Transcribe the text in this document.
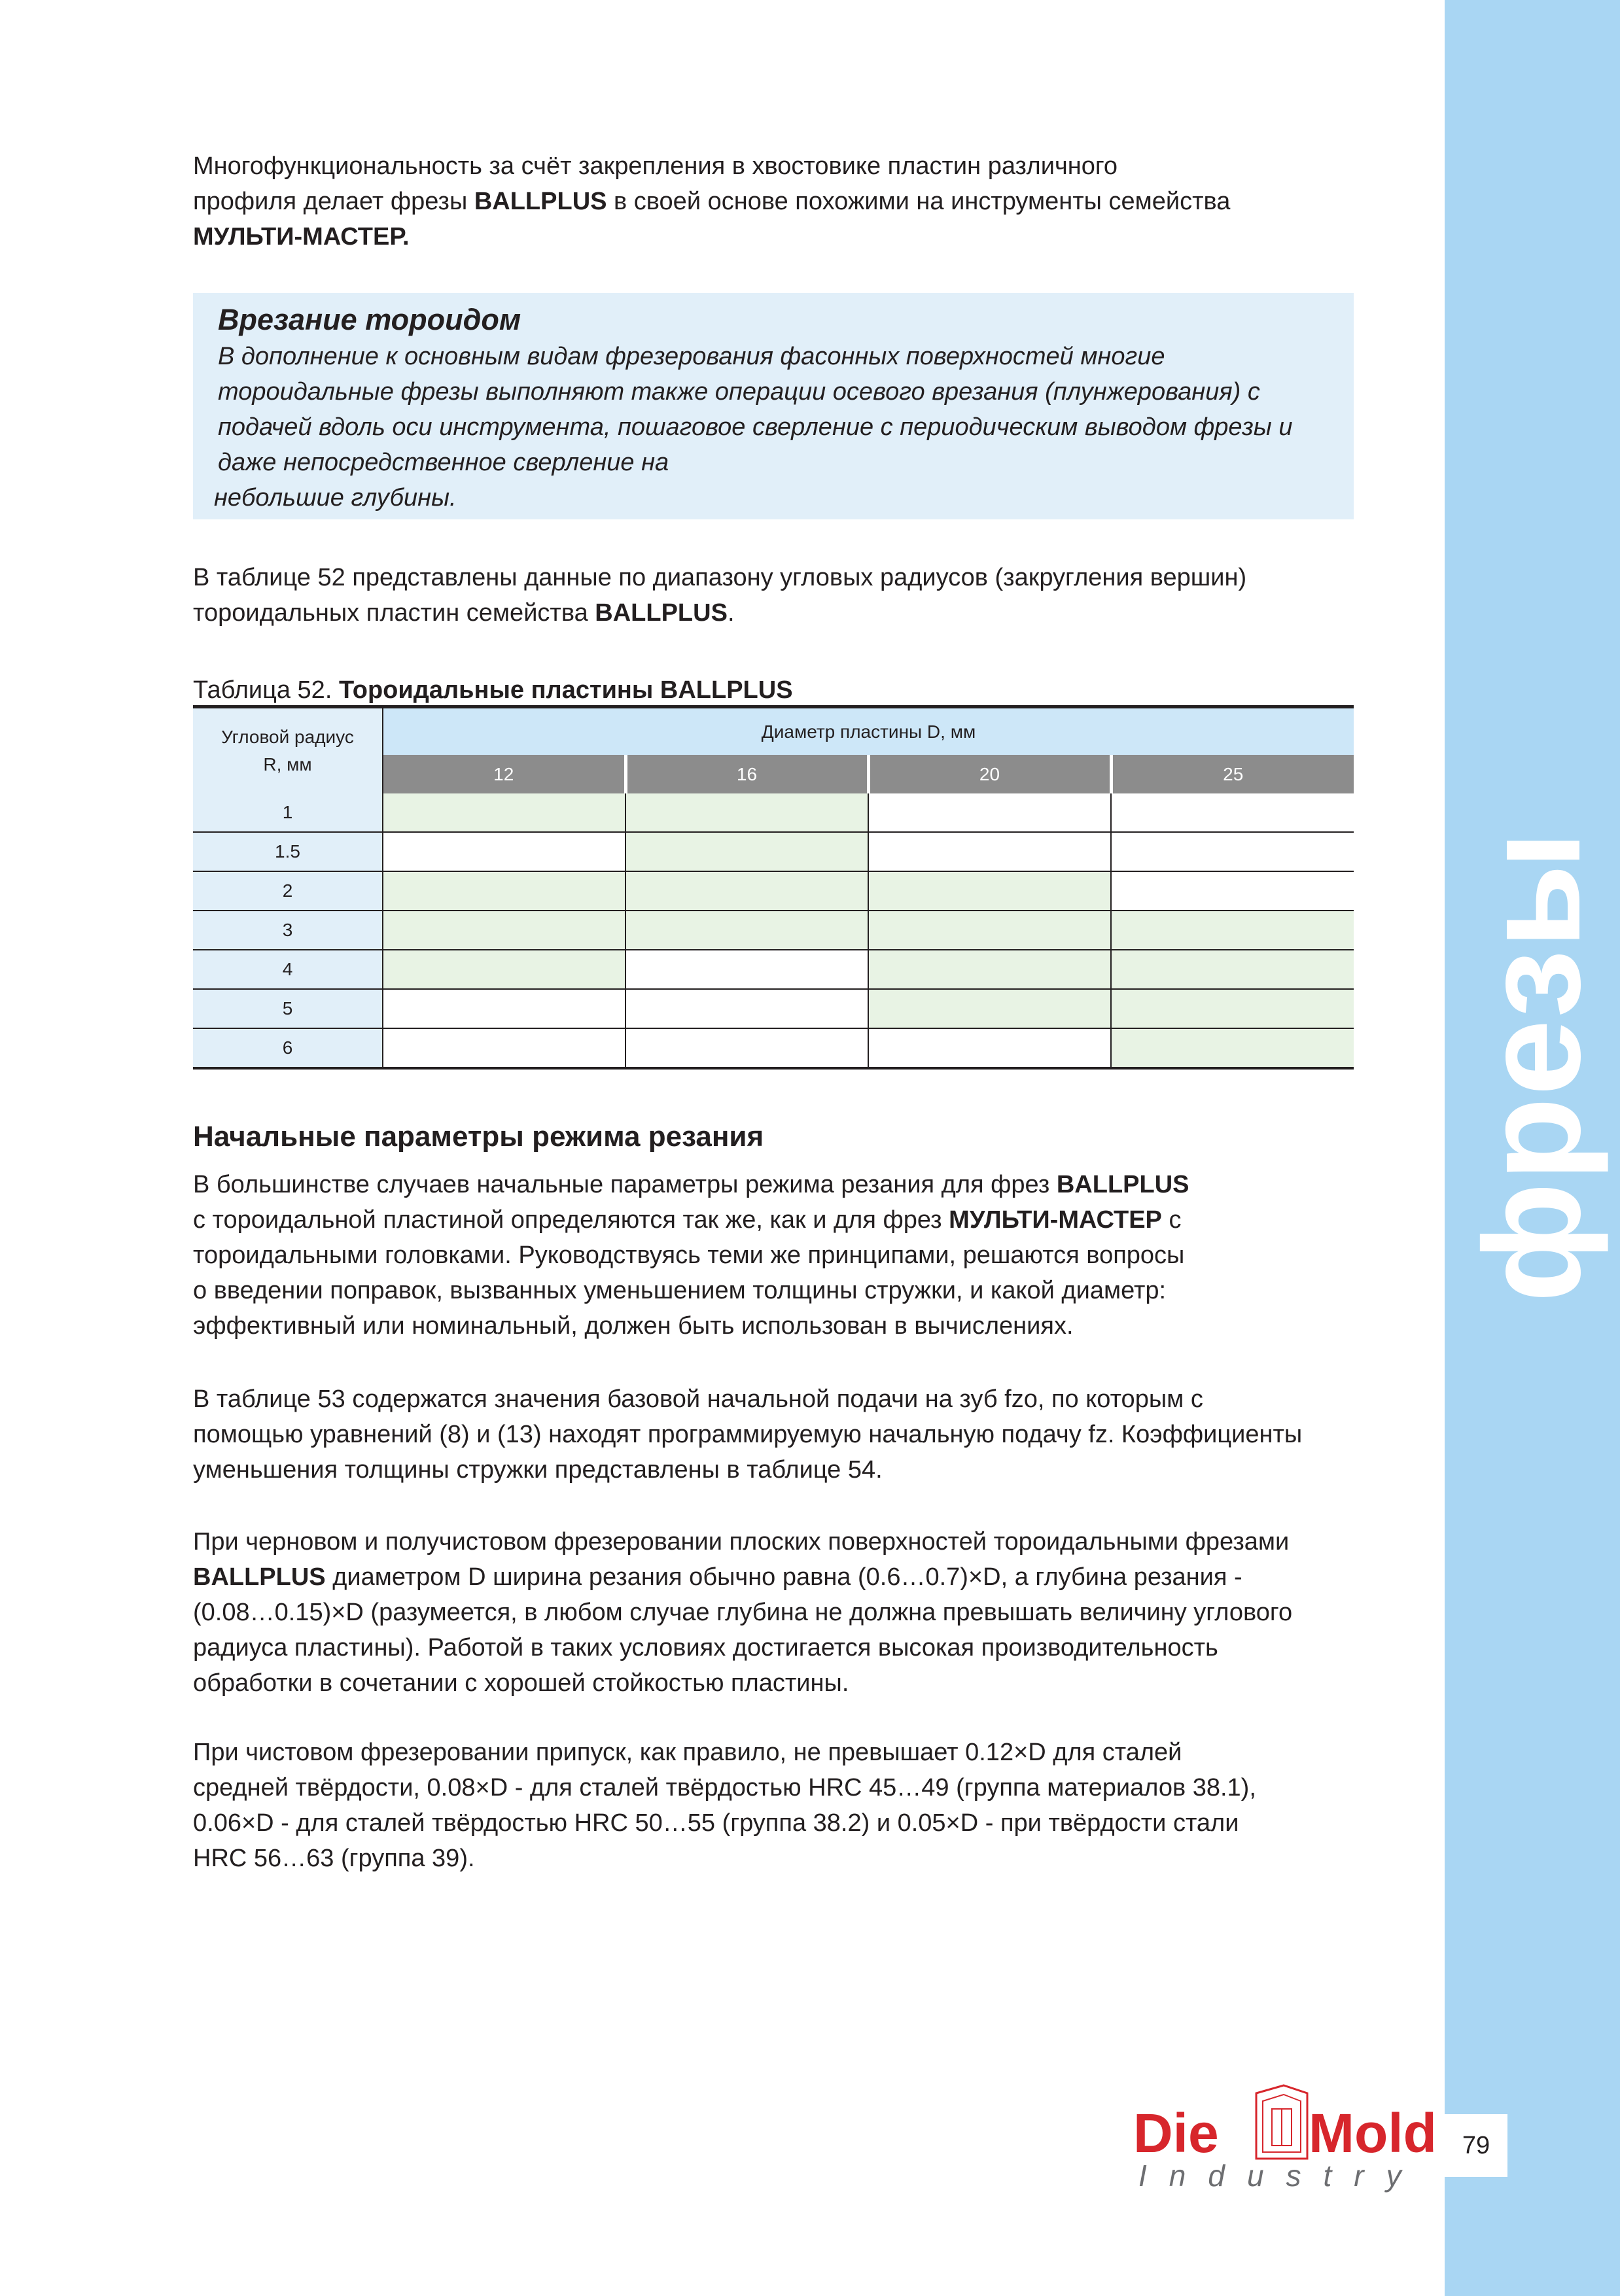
фрезы
Многофункциональность за счёт закрепления в хвостовике пластин различного
профиля делает фрезы BALLPLUS в своей основе похожими на инструменты семейства
МУЛЬТИ-МАСТЕР.

Врезание тороидом

В дополнение к основным видам фрезерования фасонных поверхностей многие
тороидальные фрезы выполняют также операции осевого врезания (плунжерования) с
подачей вдоль оси инструмента, пошаговое сверление с периодическим выводом фрезы и
даже непосредственное сверление на
небольшие глубины.
В таблице 52 представлены данные по диапазону угловых радиусов (закругления вершин)
тороидальных пластин семейства BALLPLUS.
Таблица 52. Тороидальные пластины BALLPLUS
Угловой радиус
R, мм	Диаметр пластины D, мм			
	12	16	20	25
1				
1.5				
2				
3				
4				
5				
6				

Начальные параметры режима резания

В большинстве случаев начальные параметры режима резания для фрез BALLPLUS
с тороидальной пластиной определяются так же, как и для фрез МУЛЬТИ-МАСТЕР с
тороидальными головками. Руководствуясь теми же принципами, решаются вопросы
о введении поправок, вызванных уменьшением толщины стружки, и какой диаметр:
эффективный или номинальный, должен быть использован в вычислениях.
В таблице 53 содержатся значения базовой начальной подачи на зуб fzo, по которым с
помощью уравнений (8) и (13) находят программируемую начальную подачу fz. Коэффициенты
уменьшения толщины стружки представлены в таблице 54.
При черновом и получистовом фрезеровании плоских поверхностей тороидальными фрезами
BALLPLUS диаметром D ширина резания обычно равна (0.6…0.7)×D, а глубина резания -
(0.08…0.15)×D (разумеется, в любом случае глубина не должна превышать величину углового
радиуса пластины). Работой в таких условиях достигается высокая производительность
обработки в сочетании с хорошей стойкостью пластины.
При чистовом фрезеровании припуск, как правило, не превышает 0.12×D для сталей
средней твёрдости, 0.08×D - для сталей твёрдостью HRC 45…49 (группа материалов 38.1),
0.06×D - для сталей твёрдостью HRC 50…55 (группа 38.2) и 0.05×D - при твёрдости стали
HRC 56…63 (группа 39).
Die Mold
Industry
79
